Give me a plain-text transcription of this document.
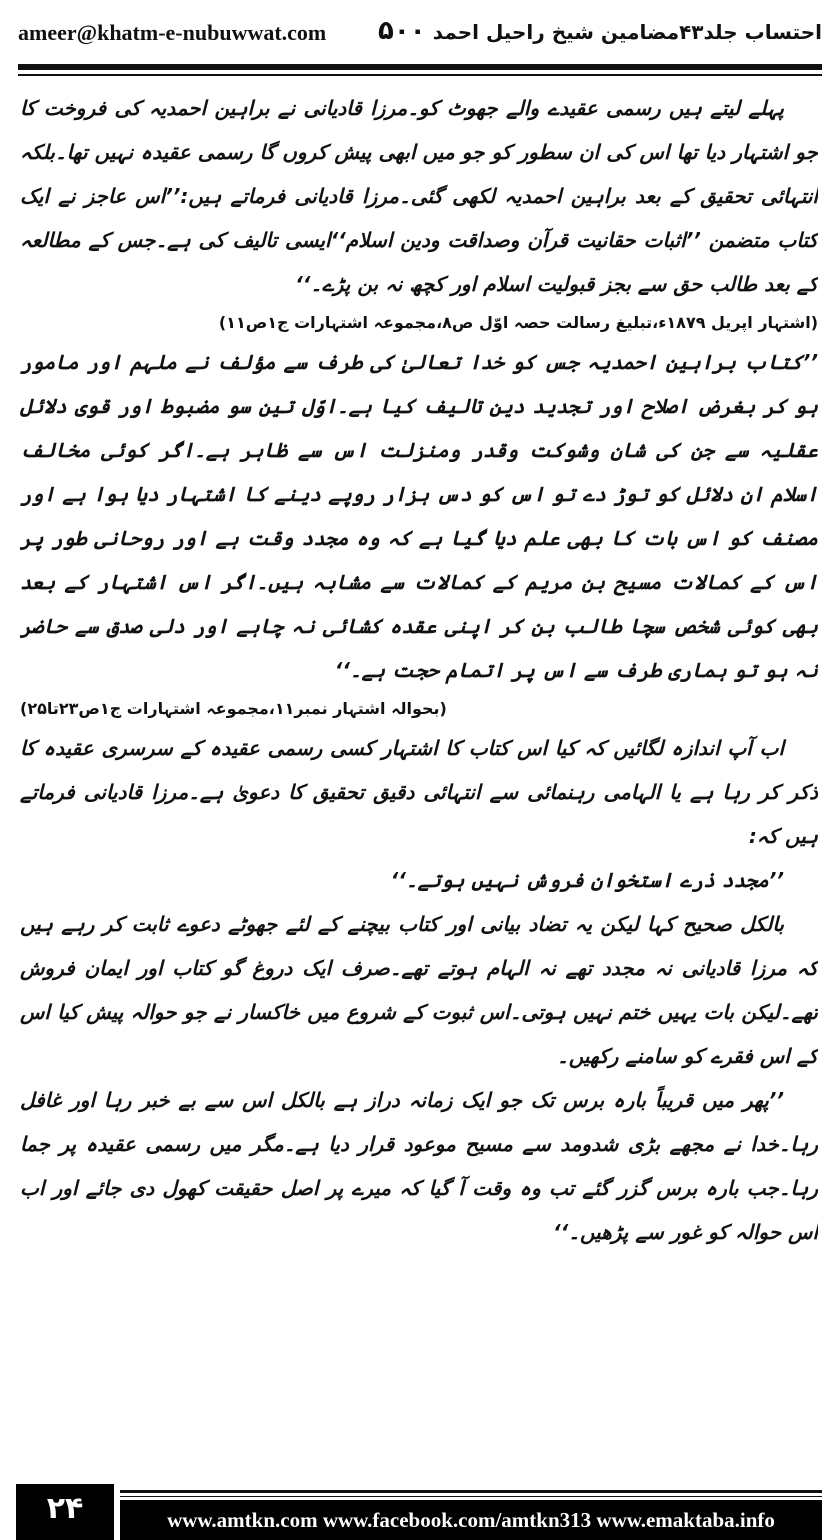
ameer@khatm-e-nubuwwat.com ۵۰۰ احتساب جلد۴۳مضامین شیخ راحیل احمد

پہلے لیتے ہیں رسمی عقیدے والے جھوٹ کو۔مرزا قادیانی نے براہین احمدیہ کی فروخت کا جو اشتہار دیا تھا اس کی ان سطور کو جو میں ابھی پیش کروں گا رسمی عقیدہ نہیں تھا۔بلکہ انتہائی تحقیق کے بعد براہین احمدیہ لکھی گئی۔مرزا قادیانی فرماتے ہیں:’’اس عاجز نے ایک کتاب متضمن ’’اثبات حقانیت قرآن وصداقت ودین اسلام‘‘ایسی تالیف کی ہے۔جس کے مطالعہ کے بعد طالب حق سے بجز قبولیت اسلام اور کچھ نہ بن پڑے۔‘‘

(اشتہار اپریل ۱۸۷۹ء،تبلیغ رسالت حصہ اوّل ص۸،مجموعہ اشتہارات ج۱ص۱۱)

’’کتاب براہین احمدیہ جس کو خدا تعالیٰ کی طرف سے مؤلف نے ملہم اور مامور ہو کر بغرض اصلاح اور تجدید دین تالیف کیا ہے۔اوّل تین سو مضبوط اور قوی دلائل عقلیہ سے جن کی شان وشوکت وقدر ومنزلت اس سے ظاہر ہے۔اگر کوئی مخالف اسلام ان دلائل کو توڑ دے تو اس کو دس ہزار روپے دینے کا اشتہار دیا ہوا ہے اور مصنف کو اس بات کا بھی علم دیا گیا ہے کہ وہ مجدد وقت ہے اور روحانی طور پر اس کے کمالات مسیح بن مریم کے کمالات سے مشابہ ہیں۔اگر اس اشتہار کے بعد بھی کوئی شخص سچا طالب بن کر اپنی عقدہ کشائی نہ چاہے اور دلی صدق سے حاضر نہ ہو تو ہماری طرف سے اس پر اتمام حجت ہے۔‘‘

(بحوالہ اشتہار نمبر۱۱،مجموعہ اشتہارات ج۱ص۲۳تا۲۵)

اب آپ اندازہ لگائیں کہ کیا اس کتاب کا اشتہار کسی رسمی عقیدہ کے سرسری عقیدہ کا ذکر کر رہا ہے یا الہامی رہنمائی سے انتہائی دقیق تحقیق کا دعویٰ ہے۔مرزا قادیانی فرماتے ہیں کہ:

’’مجدد ذرے استخوان فروش نہیں ہوتے۔‘‘

بالکل صحیح کہا لیکن یہ تضاد بیانی اور کتاب بیچنے کے لئے جھوٹے دعوے ثابت کر رہے ہیں کہ مرزا قادیانی نہ مجدد تھے نہ الہام ہوتے تھے۔صرف ایک دروغ گو کتاب اور ایمان فروش تھے۔لیکن بات یہیں ختم نہیں ہوتی۔اس ثبوت کے شروع میں خاکسار نے جو حوالہ پیش کیا اس کے اس فقرے کو سامنے رکھیں۔

’’پھر میں قریباً بارہ برس تک جو ایک زمانہ دراز ہے بالکل اس سے بے خبر رہا اور غافل رہا۔خدا نے مجھے بڑی شدومد سے مسیح موعود قرار دیا ہے۔مگر میں رسمی عقیدہ پر جما رہا۔جب بارہ برس گزر گئے تب وہ وقت آ گیا کہ میرے پر اصل حقیقت کھول دی جائے اور اب اس حوالہ کو غور سے پڑھیں۔‘‘

۲۴	www.amtkn.com www.facebook.com/amtkn313 www.emaktaba.info
